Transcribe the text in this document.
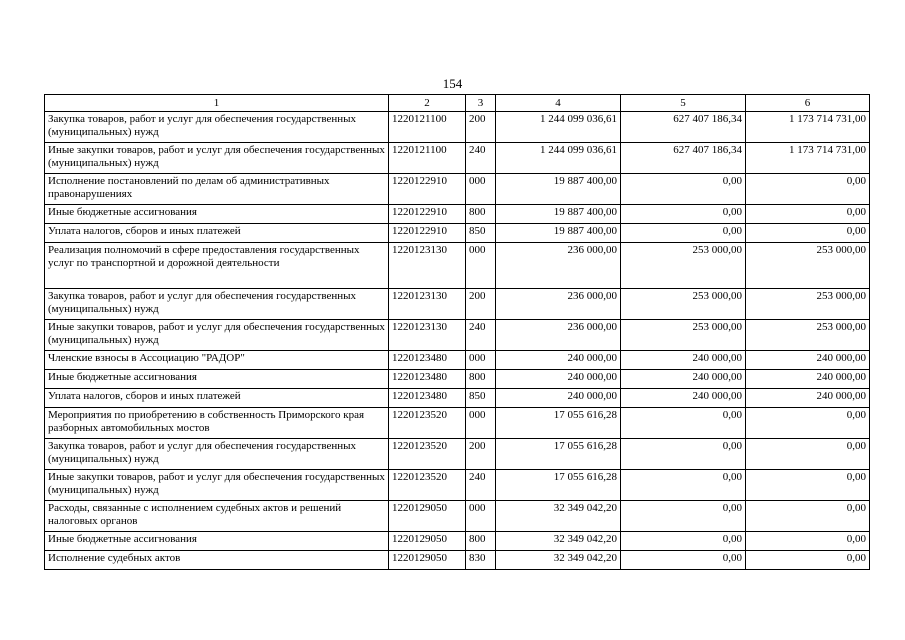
154
1	2	3	4	5	6
Закупка товаров, работ и услуг для обеспечения государственных (муниципальных) нужд	1220121100	200	1 244 099 036,61	627 407 186,34	1 173 714 731,00
Иные закупки товаров, работ и услуг для обеспечения государственных (муниципальных) нужд	1220121100	240	1 244 099 036,61	627 407 186,34	1 173 714 731,00
Исполнение постановлений по делам об административных правонарушениях	1220122910	000	19 887 400,00	0,00	0,00
Иные бюджетные ассигнования	1220122910	800	19 887 400,00	0,00	0,00
Уплата налогов, сборов и иных платежей	1220122910	850	19 887 400,00	0,00	0,00
Реализация полномочий в сфере предоставления государственных услуг по транспортной и дорожной деятельности	1220123130	000	236 000,00	253 000,00	253 000,00
Закупка товаров, работ и услуг для обеспечения государственных (муниципальных) нужд	1220123130	200	236 000,00	253 000,00	253 000,00
Иные закупки товаров, работ и услуг для обеспечения государственных (муниципальных) нужд	1220123130	240	236 000,00	253 000,00	253 000,00
Членские взносы в Ассоциацию "РАДОР"	1220123480	000	240 000,00	240 000,00	240 000,00
Иные бюджетные ассигнования	1220123480	800	240 000,00	240 000,00	240 000,00
Уплата налогов, сборов и иных платежей	1220123480	850	240 000,00	240 000,00	240 000,00
Мероприятия по приобретению в собственность Приморского края разборных автомобильных мостов	1220123520	000	17 055 616,28	0,00	0,00
Закупка товаров, работ и услуг для обеспечения государственных (муниципальных) нужд	1220123520	200	17 055 616,28	0,00	0,00
Иные закупки товаров, работ и услуг для обеспечения государственных (муниципальных) нужд	1220123520	240	17 055 616,28	0,00	0,00
Расходы, связанные с исполнением судебных актов и решений налоговых органов	1220129050	000	32 349 042,20	0,00	0,00
Иные бюджетные ассигнования	1220129050	800	32 349 042,20	0,00	0,00
Исполнение судебных актов	1220129050	830	32 349 042,20	0,00	0,00
